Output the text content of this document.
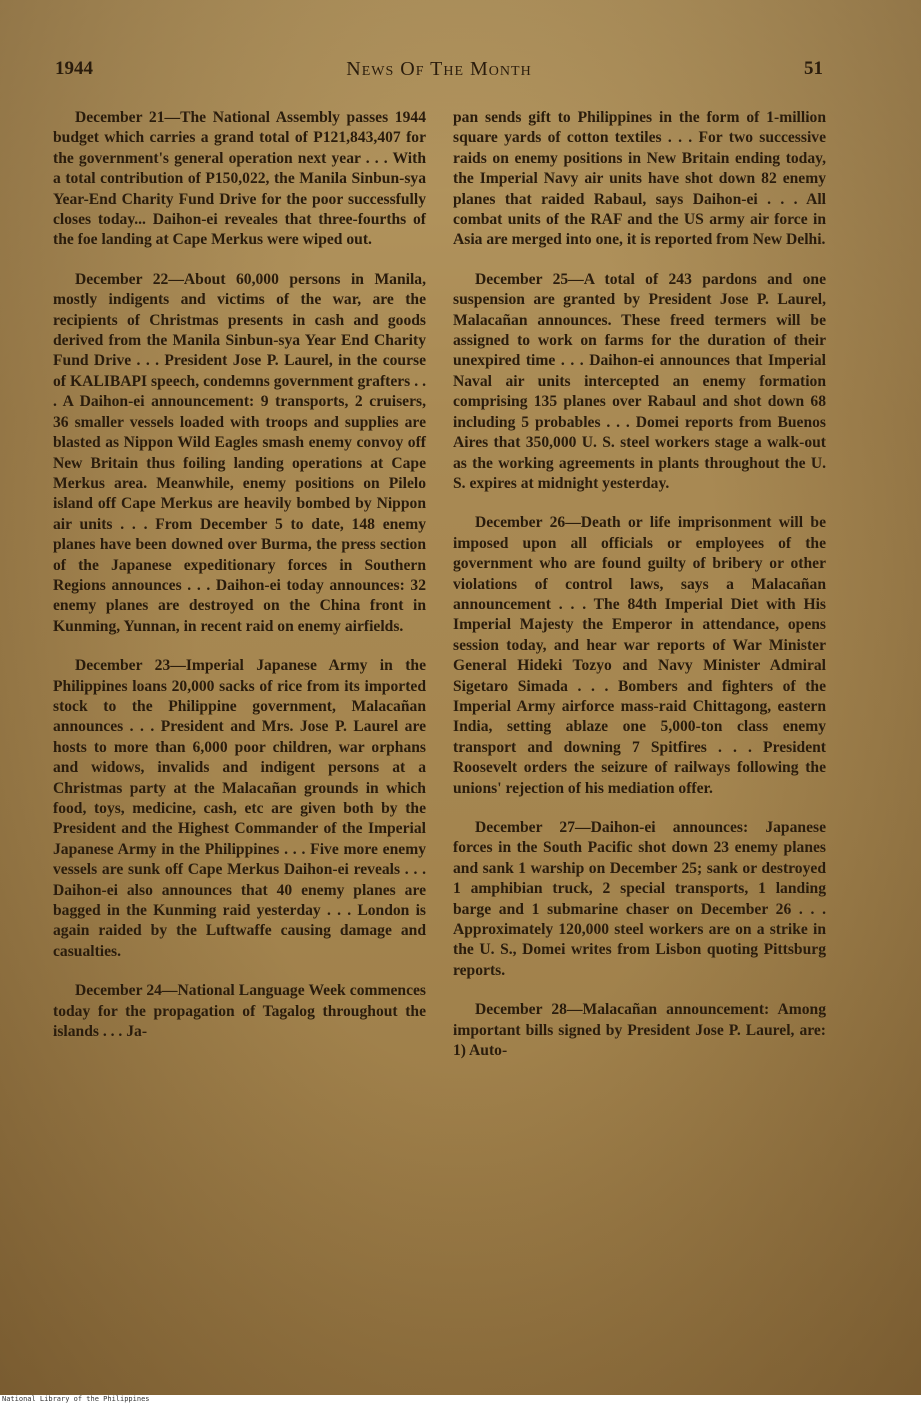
1944	News Of The Month	51

December 21—The National Assembly passes 1944 budget which carries a grand total of P121,843,407 for the government's general operation next year . . . With a total contribution of P150,022, the Manila Sinbun-sya Year-End Charity Fund Drive for the poor successfully closes today... Daihon-ei reveales that three-fourths of the foe landing at Cape Merkus were wiped out.

December 22—About 60,000 persons in Manila, mostly indigents and victims of the war, are the recipients of Christmas presents in cash and goods derived from the Manila Sinbun-sya Year End Charity Fund Drive . . . President Jose P. Laurel, in the course of KALIBAPI speech, condemns government grafters . . . A Daihon-ei announcement: 9 transports, 2 cruisers, 36 smaller vessels loaded with troops and supplies are blasted as Nippon Wild Eagles smash enemy convoy off New Britain thus foiling landing operations at Cape Merkus area. Meanwhile, enemy positions on Pilelo island off Cape Merkus are heavily bombed by Nippon air units . . . From December 5 to date, 148 enemy planes have been downed over Burma, the press section of the Japanese expeditionary forces in Southern Regions announces . . . Daihon-ei today announces: 32 enemy planes are destroyed on the China front in Kunming, Yunnan, in recent raid on enemy airfields.

December 23—Imperial Japanese Army in the Philippines loans 20,000 sacks of rice from its imported stock to the Philippine government, Malacañan announces . . . President and Mrs. Jose P. Laurel are hosts to more than 6,000 poor children, war orphans and widows, invalids and indigent persons at a Christmas party at the Malacañan grounds in which food, toys, medicine, cash, etc are given both by the President and the Highest Commander of the Imperial Japanese Army in the Philippines . . . Five more enemy vessels are sunk off Cape Merkus Daihon-ei reveals . . . Daihon-ei also announces that 40 enemy planes are bagged in the Kunming raid yesterday . . . London is again raided by the Luftwaffe causing damage and casualties.

December 24—National Language Week commences today for the propagation of Tagalog throughout the islands . . . Ja-

pan sends gift to Philippines in the form of 1-million square yards of cotton textiles . . . For two successive raids on enemy positions in New Britain ending today, the Imperial Navy air units have shot down 82 enemy planes that raided Rabaul, says Daihon-ei . . . All combat units of the RAF and the US army air force in Asia are merged into one, it is reported from New Delhi.

December 25—A total of 243 pardons and one suspension are granted by President Jose P. Laurel, Malacañan announces. These freed termers will be assigned to work on farms for the duration of their unexpired time . . . Daihon-ei announces that Imperial Naval air units intercepted an enemy formation comprising 135 planes over Rabaul and shot down 68 including 5 probables . . . Domei reports from Buenos Aires that 350,000 U. S. steel workers stage a walk-out as the working agreements in plants throughout the U. S. expires at midnight yesterday.

December 26—Death or life imprisonment will be imposed upon all officials or employees of the government who are found guilty of bribery or other violations of control laws, says a Malacañan announcement . . . The 84th Imperial Diet with His Imperial Majesty the Emperor in attendance, opens session today, and hear war reports of War Minister General Hideki Tozyo and Navy Minister Admiral Sigetaro Simada . . . Bombers and fighters of the Imperial Army airforce mass-raid Chittagong, eastern India, setting ablaze one 5,000-ton class enemy transport and downing 7 Spitfires . . . President Roosevelt orders the seizure of railways following the unions' rejection of his mediation offer.

December 27—Daihon-ei announces: Japanese forces in the South Pacific shot down 23 enemy planes and sank 1 warship on December 25; sank or destroyed 1 amphibian truck, 2 special transports, 1 landing barge and 1 submarine chaser on December 26 . . . Approximately 120,000 steel workers are on a strike in the U. S., Domei writes from Lisbon quoting Pittsburg reports.

December 28—Malacañan announcement: Among important bills signed by President Jose P. Laurel, are: 1) Auto-

National Library of the Philippines
